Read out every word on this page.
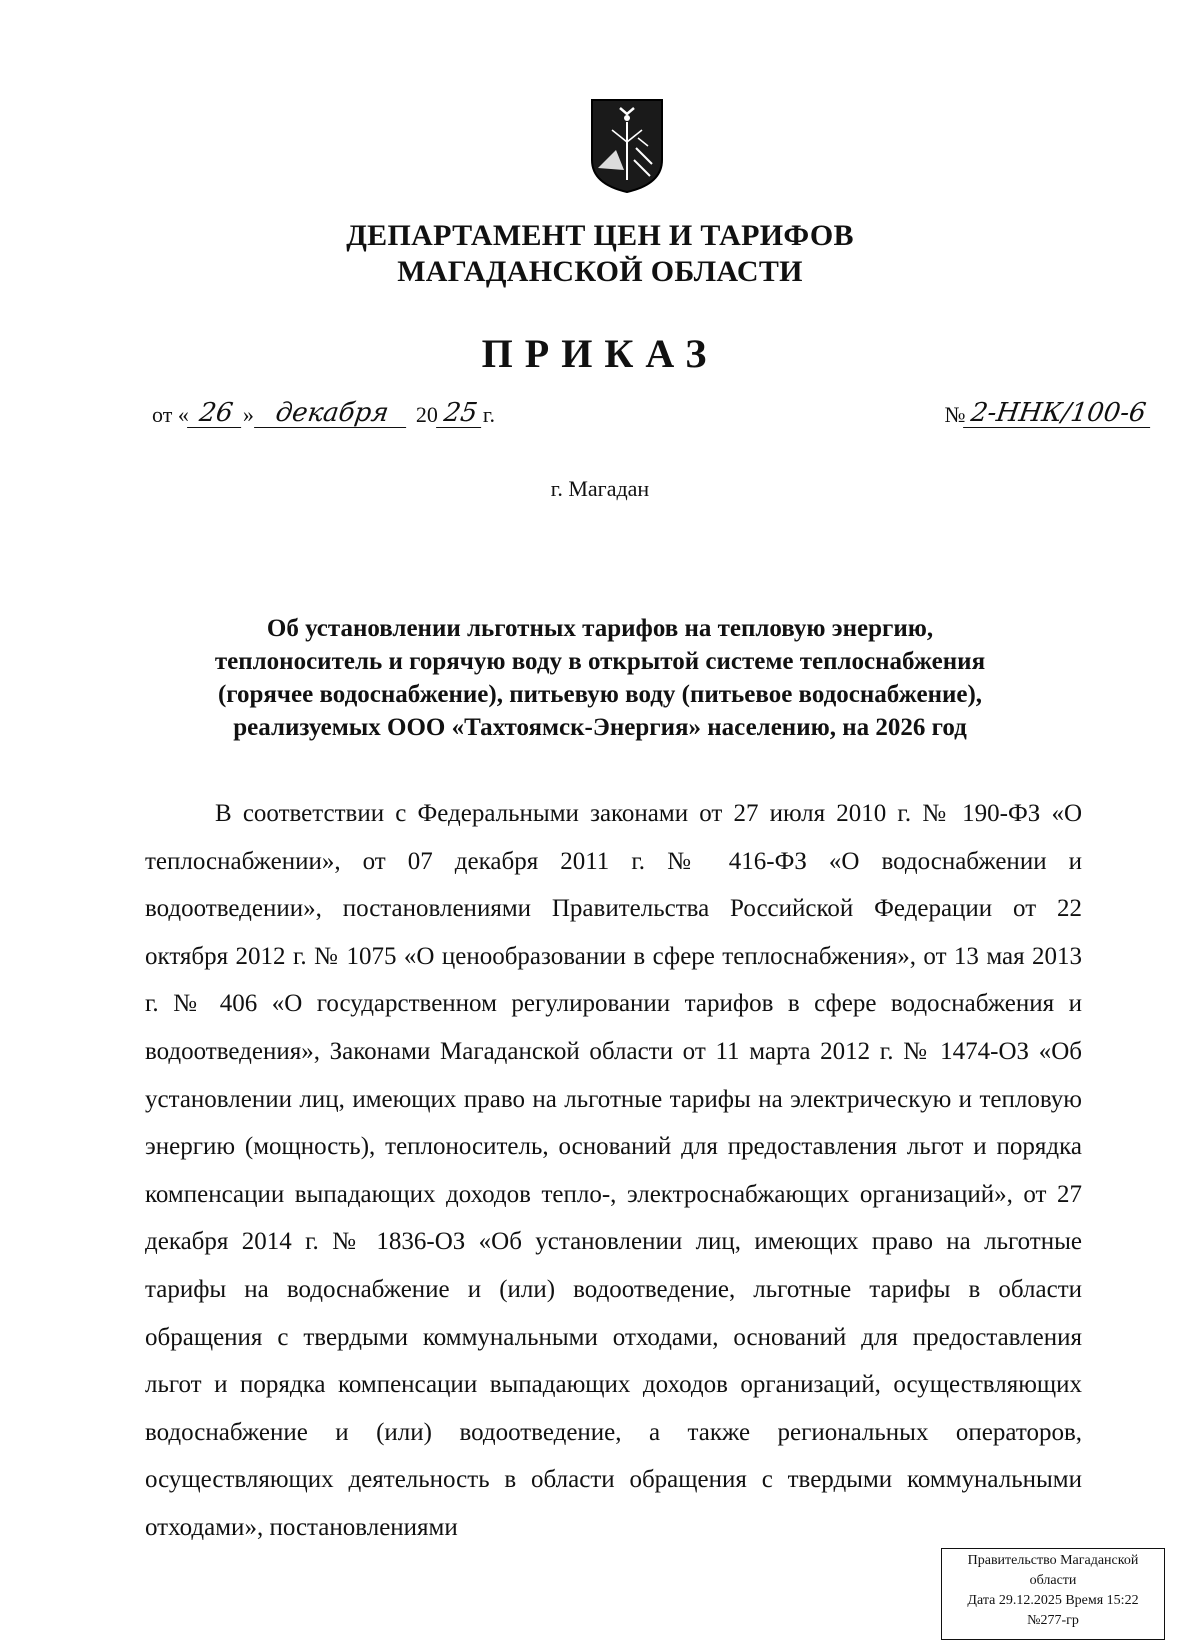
ДЕПАРТАМЕНТ ЦЕН И ТАРИФОВ
МАГАДАНСКОЙ ОБЛАСТИ
ПРИКАЗ
от « 26 » декабря	20 25 г.	№ 2-ННК/100-6
г. Магадан
Об установлении льготных тарифов на тепловую энергию,
теплоноситель и горячую воду в открытой системе теплоснабжения
(горячее водоснабжение), питьевую воду (питьевое водоснабжение),
реализуемых ООО «Тахтоямск-Энергия» населению, на 2026 год
В соответствии с Федеральными законами от 27 июля 2010 г. № 190-ФЗ «О теплоснабжении», от 07 декабря 2011 г. № 416-ФЗ «О водоснабжении и водоотведении», постановлениями Правительства Российской Федерации от 22 октября 2012 г. № 1075 «О ценообразовании в сфере теплоснабжения», от 13 мая 2013 г. № 406 «О государственном регулировании тарифов в сфере водоснабжения и водоотведения», Законами Магаданской области от 11 марта 2012 г. № 1474-ОЗ «Об установлении лиц, имеющих право на льготные тарифы на электрическую и тепловую энергию (мощность), теплоноситель, оснований для предоставления льгот и порядка компенсации выпадающих доходов тепло-, электроснабжающих организаций», от 27 декабря 2014 г. № 1836-ОЗ «Об установлении лиц, имеющих право на льготные тарифы на водоснабжение и (или) водоотведение, льготные тарифы в области обращения с твердыми коммунальными отходами, оснований для предоставления льгот и порядка компенсации выпадающих доходов организаций, осуществляющих водоснабжение и (или) водоотведение, а также региональных операторов, осуществляющих деятельность в области обращения с твердыми коммунальными отходами», постановлениями
Правительство Магаданской
области
Дата 29.12.2025 Время 15:22
№277-гр
